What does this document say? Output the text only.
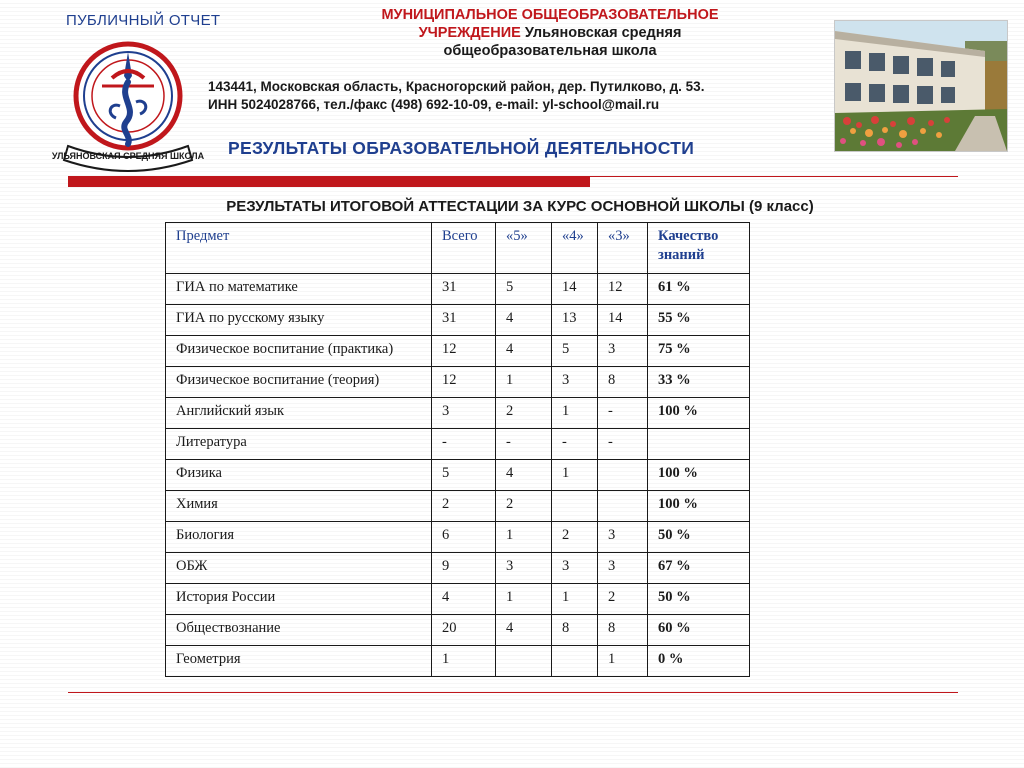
ПУБЛИЧНЫЙ ОТЧЕТ
УЛЬЯНОВСКАЯ СРЕДНЯЯ ШКОЛА
МУНИЦИПАЛЬНОЕ ОБЩЕОБРАЗОВАТЕЛЬНОЕ
УЧРЕЖДЕНИЕ Ульяновская средняя
общеобразовательная школа
143441, Московская область, Красногорский район, дер. Путилково, д. 53.
ИНН 5024028766, тел./факс (498) 692-10-09, e-mail: yl-school@mail.ru
РЕЗУЛЬТАТЫ ОБРАЗОВАТЕЛЬНОЙ ДЕЯТЕЛЬНОСТИ
РЕЗУЛЬТАТЫ ИТОГОВОЙ АТТЕСТАЦИИ ЗА КУРС ОСНОВНОЙ ШКОЛЫ (9 класс)
Предмет	Всего	«5»	«4»	«3»	Качество знаний
ГИА по математике	31	5	14	12	61 %
ГИА по русскому языку	31	4	13	14	55 %
Физическое воспитание (практика)	12	4	5	3	75 %
Физическое воспитание (теория)	12	1	3	8	33 %
Английский язык	3	2	1	-	100 %
Литература	-	-	-	-	
Физика	5	4	1		100 %
Химия	2	2			100 %
Биология	6	1	2	3	50 %
ОБЖ	9	3	3	3	67 %
История России	4	1	1	2	50 %
Обществознание	20	4	8	8	60 %
Геометрия	1			1	0 %
